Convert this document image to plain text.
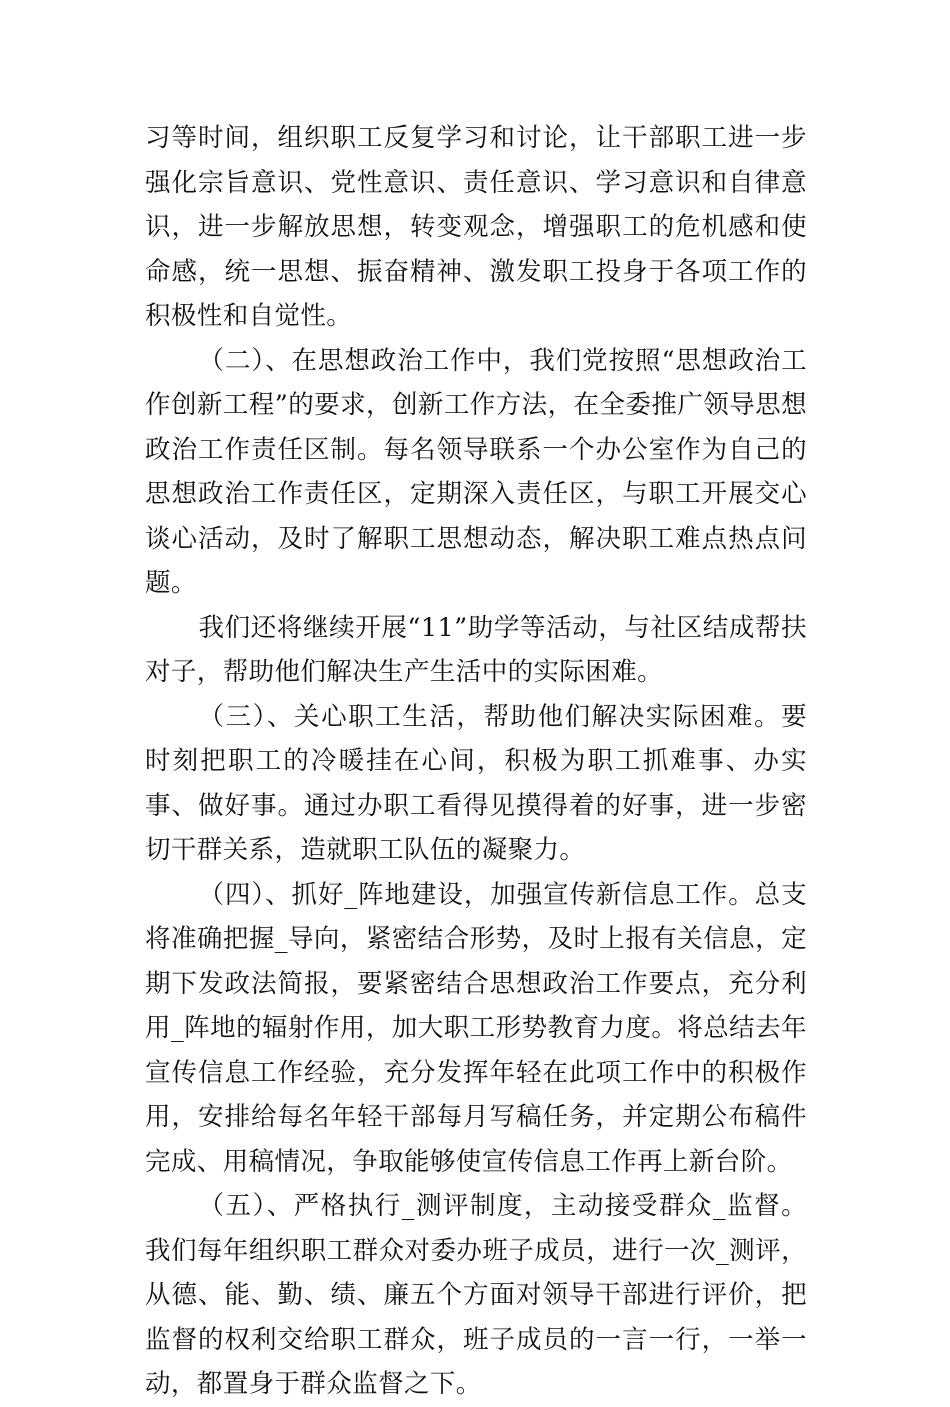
习等时间，组织职工反复学习和讨论，让干部职工进一步强化宗旨意识、党性意识、责任意识、学习意识和自律意识，进一步解放思想，转变观念，增强职工的危机感和使命感，统一思想、振奋精神、激发职工投身于各项工作的积极性和自觉性。

（二）、在思想政治工作中，我们党按照“思想政治工作创新工程”的要求，创新工作方法，在全委推广领导思想政治工作责任区制。每名领导联系一个办公室作为自己的思想政治工作责任区，定期深入责任区，与职工开展交心谈心活动，及时了解职工思想动态，解决职工难点热点问题。

我们还将继续开展“11”助学等活动，与社区结成帮扶对子，帮助他们解决生产生活中的实际困难。

（三）、关心职工生活，帮助他们解决实际困难。要时刻把职工的冷暖挂在心间，积极为职工抓难事、办实事、做好事。通过办职工看得见摸得着的好事，进一步密切干群关系，造就职工队伍的凝聚力。

（四）、抓好_阵地建设，加强宣传新信息工作。总支将准确把握_导向，紧密结合形势，及时上报有关信息，定期下发政法简报，要紧密结合思想政治工作要点，充分利用_阵地的辐射作用，加大职工形势教育力度。将总结去年宣传信息工作经验，充分发挥年轻在此项工作中的积极作用，安排给每名年轻干部每月写稿任务，并定期公布稿件完成、用稿情况，争取能够使宣传信息工作再上新台阶。

（五）、严格执行_测评制度，主动接受群众_监督。我们每年组织职工群众对委办班子成员，进行一次_测评，从德、能、勤、绩、廉五个方面对领导干部进行评价，把监督的权利交给职工群众，班子成员的一言一行，一举一动，都置身于群众监督之下。
